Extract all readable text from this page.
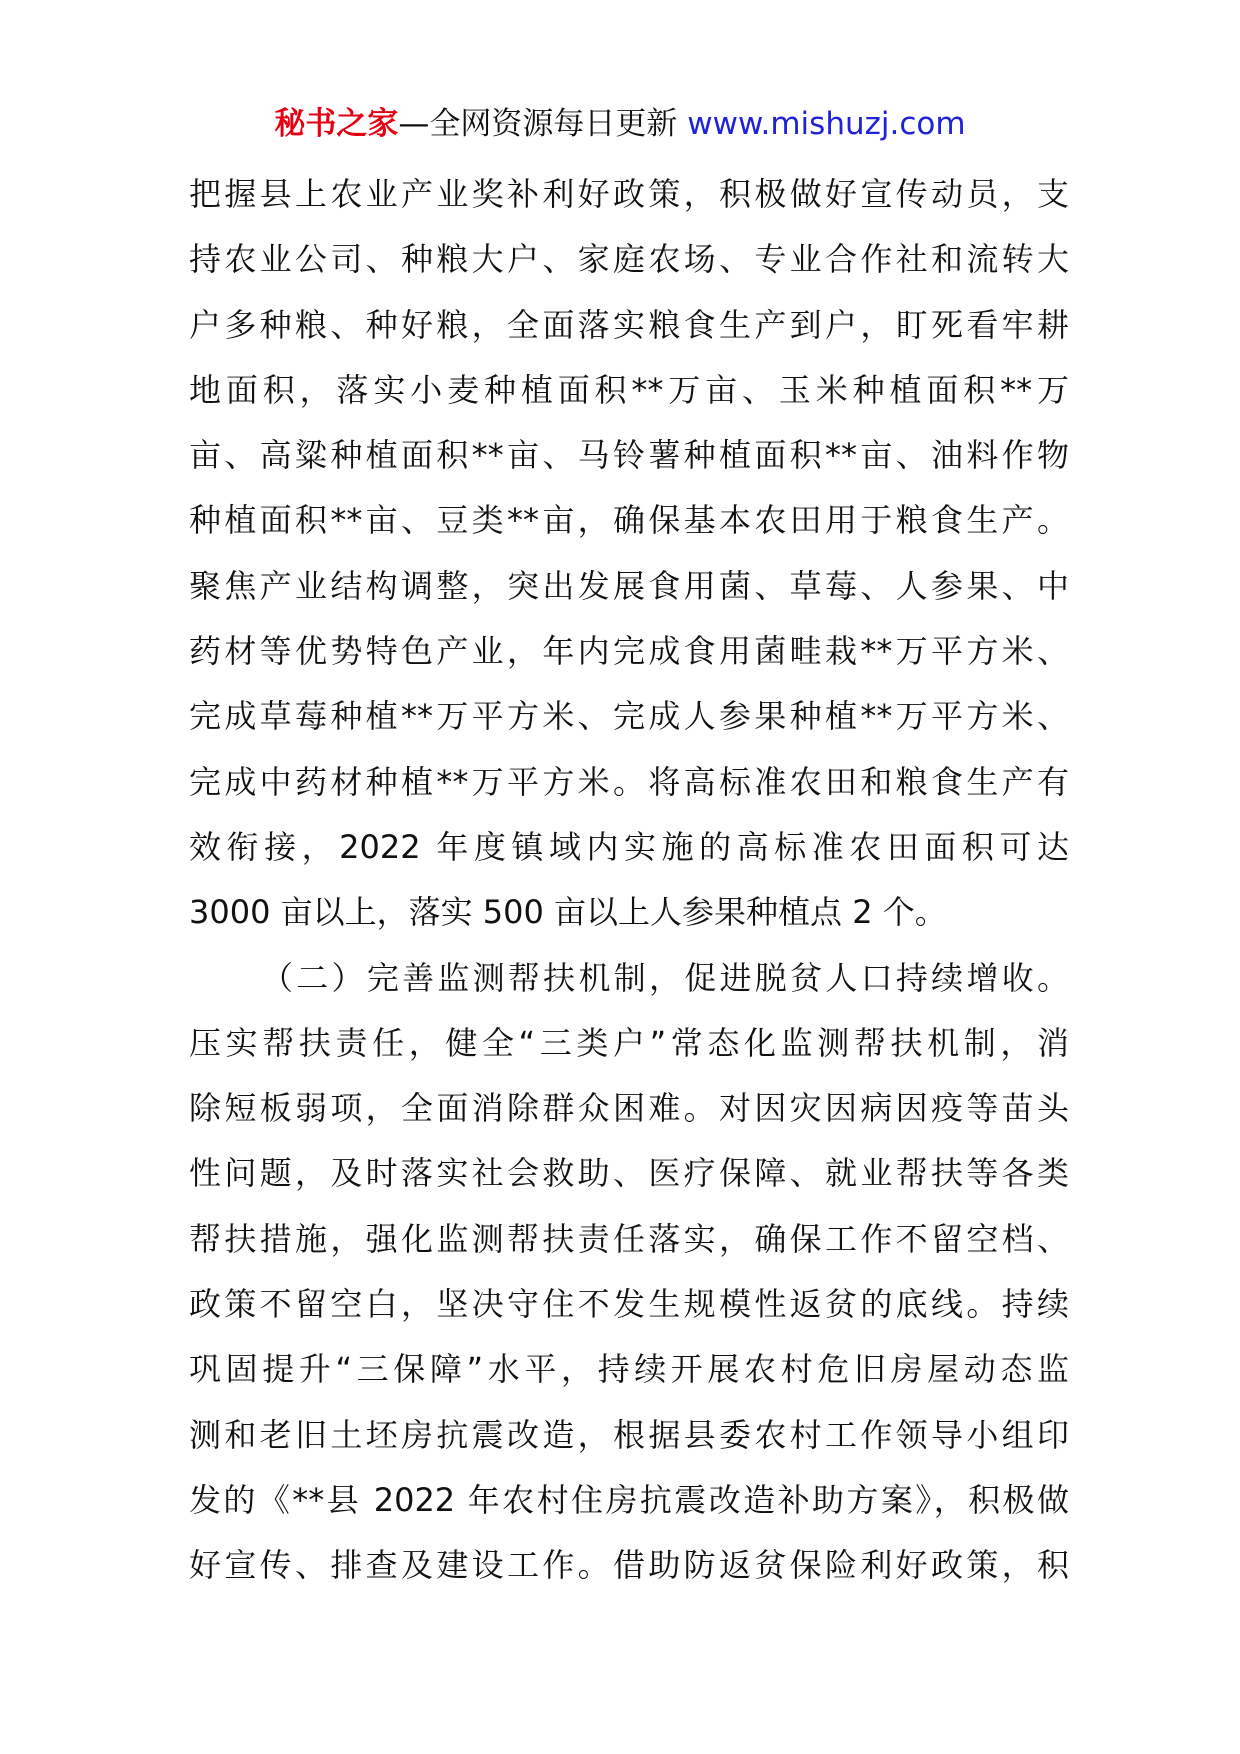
秘书之家—全网资源每日更新 www.mishuzj.com
把握县上农业产业奖补利好政策，积极做好宣传动员，支
持农业公司、种粮大户、家庭农场、专业合作社和流转大
户多种粮、种好粮，全面落实粮食生产到户，盯死看牢耕
地面积，落实小麦种植面积**万亩、玉米种植面积**万
亩、高粱种植面积**亩、马铃薯种植面积**亩、油料作物
种植面积**亩、豆类**亩，确保基本农田用于粮食生产。
聚焦产业结构调整，突出发展食用菌、草莓、人参果、中
药材等优势特色产业，年内完成食用菌畦栽**万平方米、
完成草莓种植**万平方米、完成人参果种植**万平方米、
完成中药材种植**万平方米。将高标准农田和粮食生产有
效衔接，2022 年度镇域内实施的高标准农田面积可达
3000 亩以上，落实 500 亩以上人参果种植点 2 个。
（二）完善监测帮扶机制，促进脱贫人口持续增收。
压实帮扶责任，健全“三类户”常态化监测帮扶机制，消
除短板弱项，全面消除群众困难。对因灾因病因疫等苗头
性问题，及时落实社会救助、医疗保障、就业帮扶等各类
帮扶措施，强化监测帮扶责任落实，确保工作不留空档、
政策不留空白，坚决守住不发生规模性返贫的底线。持续
巩固提升“三保障”水平，持续开展农村危旧房屋动态监
测和老旧土坯房抗震改造，根据县委农村工作领导小组印
发的《**县 2022 年农村住房抗震改造补助方案》，积极做
好宣传、排查及建设工作。借助防返贫保险利好政策，积
